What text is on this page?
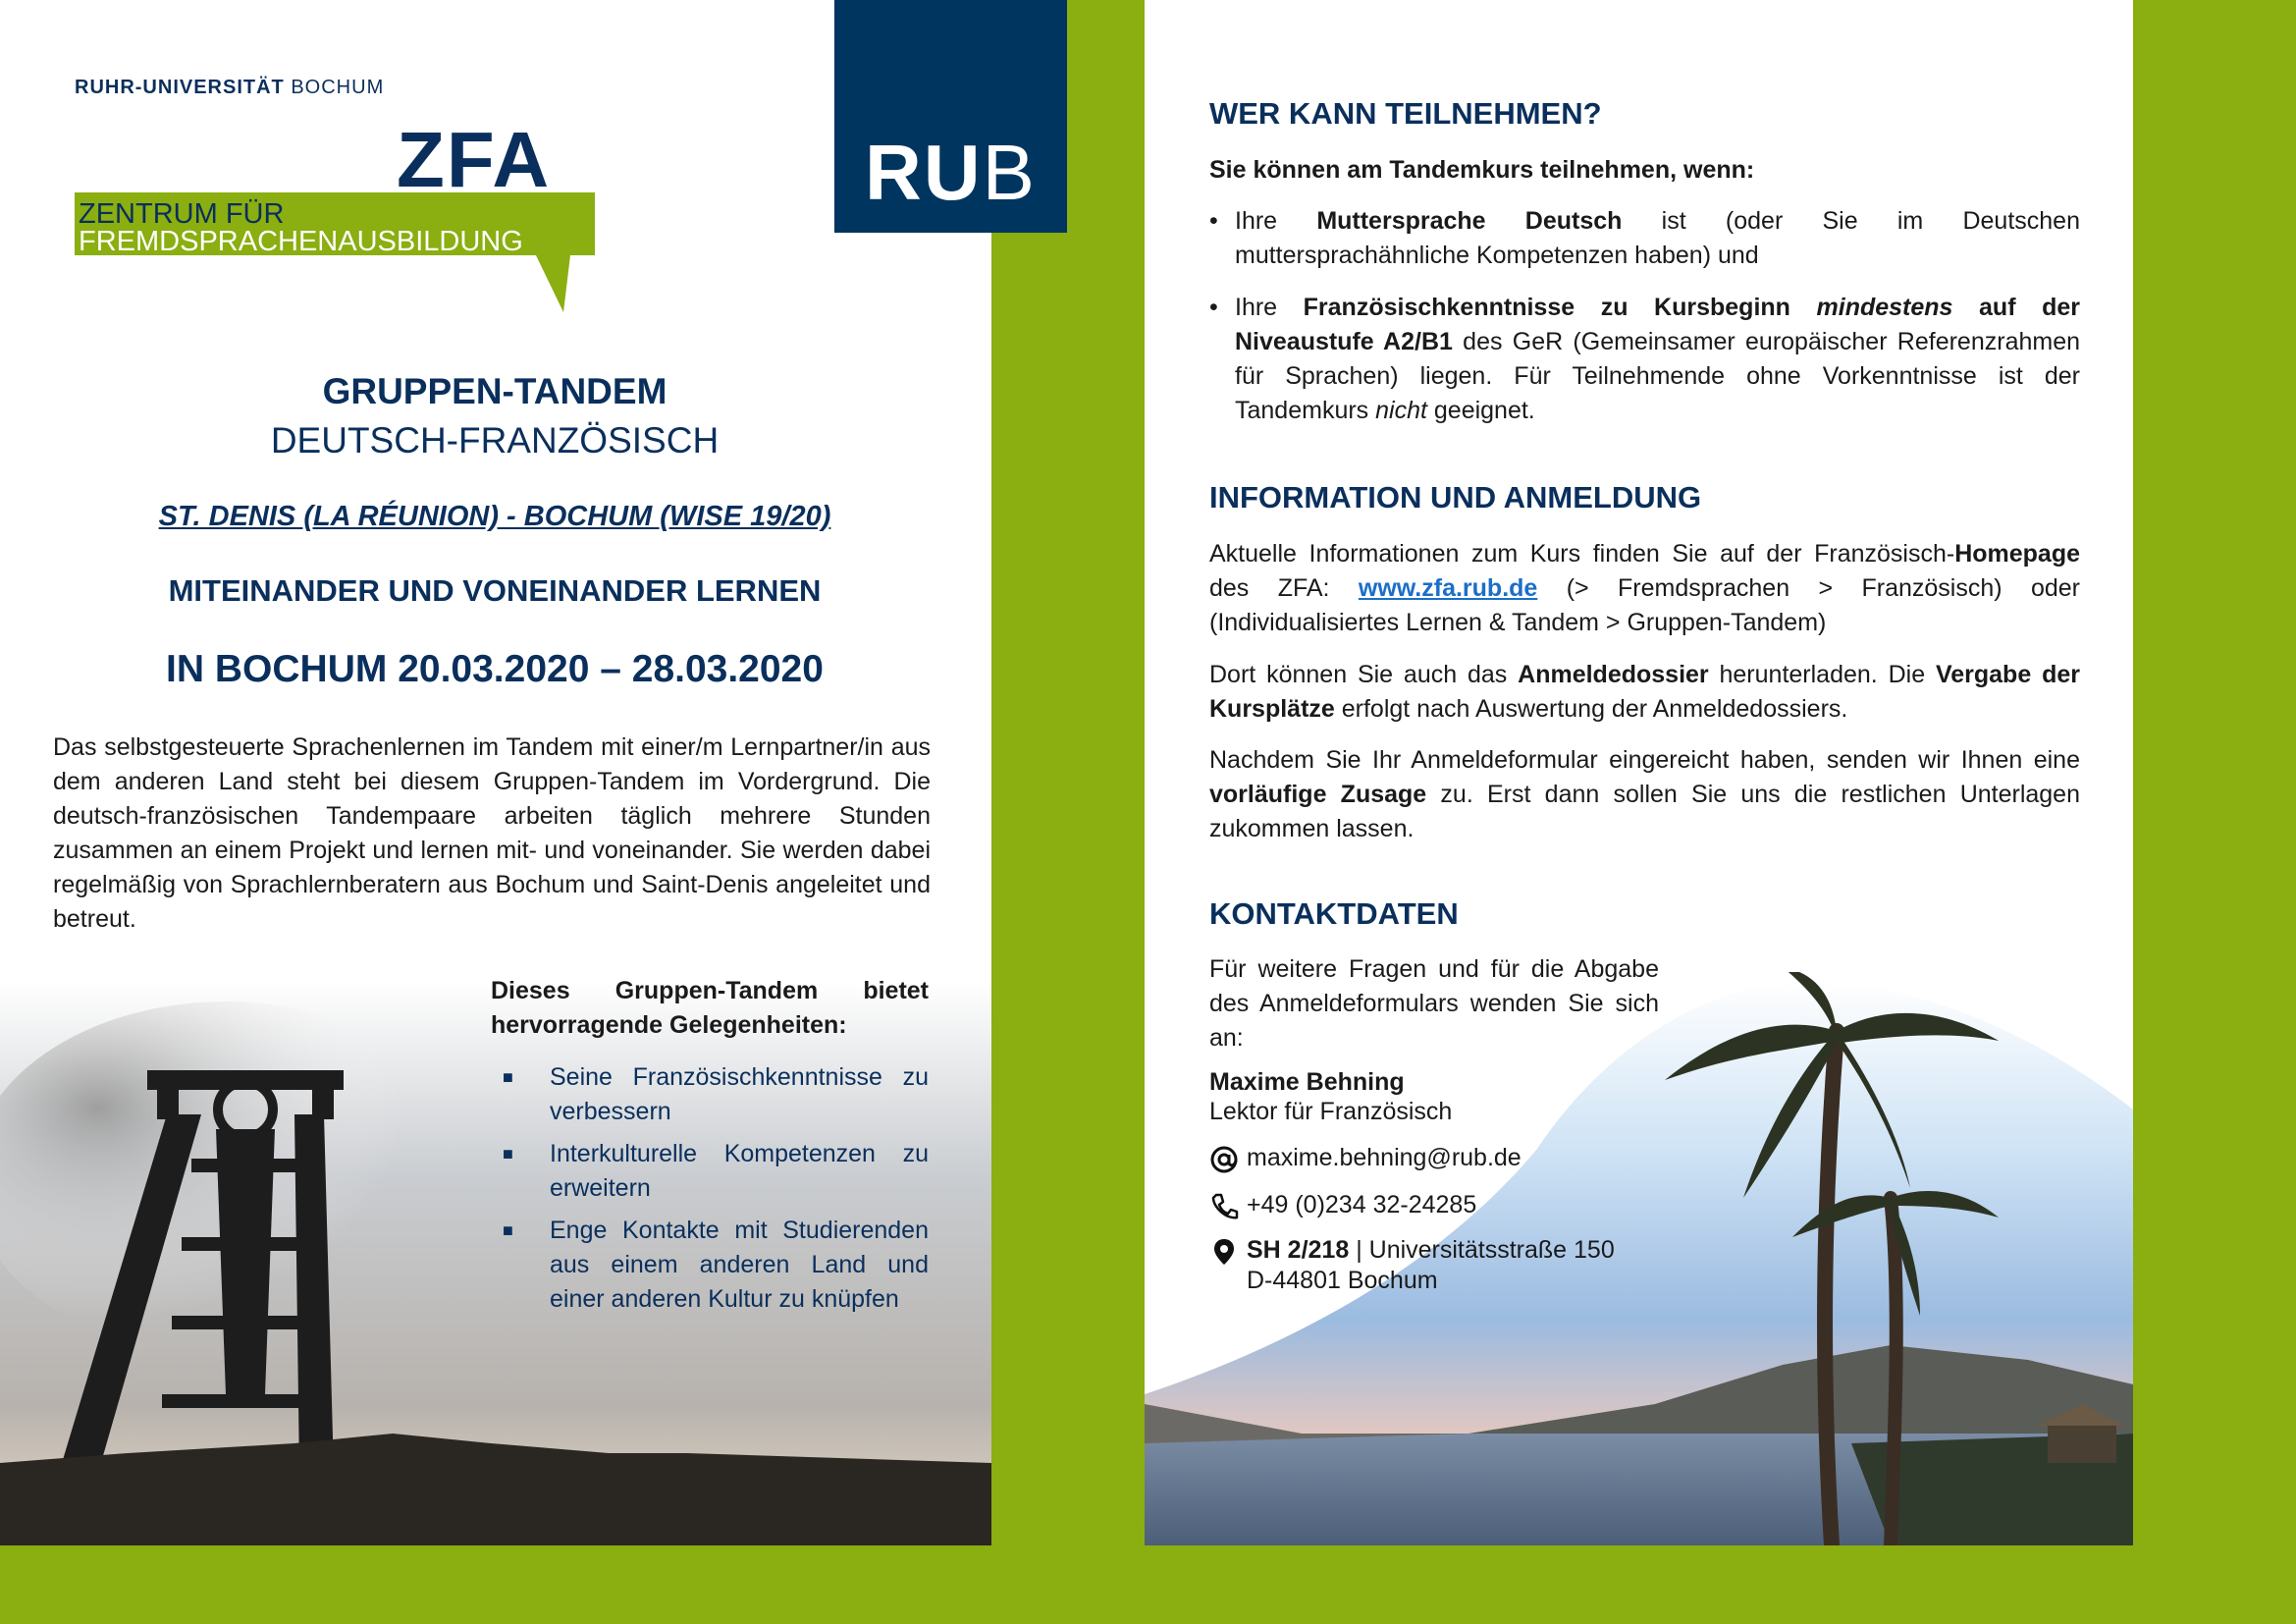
RUHR-UNIVERSITÄT BOCHUM
ZFA
ZENTRUM FÜR
FREMDSPRACHENAUSBILDUNG
RUB
GRUPPEN-TANDEM
DEUTSCH-FRANZÖSISCH
ST. DENIS (LA RÉUNION) - BOCHUM (WISE 19/20)
MITEINANDER UND VONEINANDER LERNEN
IN BOCHUM 20.03.2020 – 28.03.2020
Das selbstgesteuerte Sprachenlernen im Tandem mit einer/m Lernpartner/in aus dem anderen Land steht bei diesem Gruppen-Tandem im Vordergrund. Die deutsch-französischen Tandempaare arbeiten täglich mehrere Stunden zusammen an einem Projekt und lernen mit- und voneinander. Sie werden dabei regelmäßig von Sprachlernberatern aus Bochum und Saint-Denis angeleitet und betreut.
Dieses Gruppen-Tandem bietet hervorragende Gelegenheiten:
■ Seine Französischkenntnisse zu verbessern
■ Interkulturelle Kompetenzen zu erweitern
■ Enge Kontakte mit Studierenden aus einem anderen Land und einer anderen Kultur zu knüpfen
WER KANN TEILNEHMEN?
Sie können am Tandemkurs teilnehmen, wenn:
• Ihre Muttersprache Deutsch ist (oder Sie im Deutschen muttersprachähnliche Kompetenzen haben) und
• Ihre Französischkenntnisse zu Kursbeginn mindestens auf der Niveaustufe A2/B1 des GeR (Gemeinsamer europäischer Referenzrahmen für Sprachen) liegen. Für Teilnehmende ohne Vorkenntnisse ist der Tandemkurs nicht geeignet.
INFORMATION UND ANMELDUNG
Aktuelle Informationen zum Kurs finden Sie auf der Französisch-Homepage des ZFA: www.zfa.rub.de (> Fremdsprachen > Französisch) oder (Individualisiertes Lernen & Tandem > Gruppen-Tandem)
Dort können Sie auch das Anmeldedossier herunterladen. Die Vergabe der Kursplätze erfolgt nach Auswertung der Anmeldedossiers.
Nachdem Sie Ihr Anmeldeformular eingereicht haben, senden wir Ihnen eine vorläufige Zusage zu. Erst dann sollen Sie uns die restlichen Unterlagen zukommen lassen.
KONTAKTDATEN
Für weitere Fragen und für die Abgabe des Anmeldeformulars wenden Sie sich an:
Maxime Behning
Lektor für Französisch
maxime.behning@rub.de
+49 (0)234 32-24285
SH 2/218 | Universitätsstraße 150
D-44801 Bochum
